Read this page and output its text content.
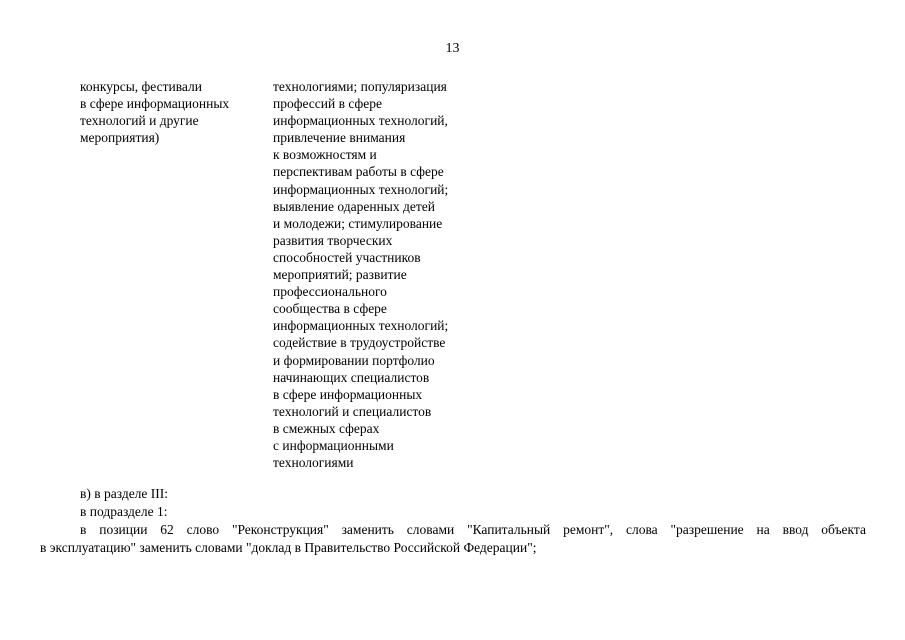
13
конкурсы, фестивали
в сфере информационных
технологий и другие
мероприятия)
технологиями; популяризация
профессий в сфере
информационных технологий,
привлечение внимания
к возможностям и
перспективам работы в сфере
информационных технологий;
выявление одаренных детей
и молодежи; стимулирование
развития творческих
способностей участников
мероприятий; развитие
профессионального
сообщества в сфере
информационных технологий;
содействие в трудоустройстве
и формировании портфолио
начинающих специалистов
в сфере информационных
технологий и специалистов
в смежных сферах
с информационными
технологиями
в) в разделе III:
в подразделе 1:
в позиции 62 слово "Реконструкция" заменить словами "Капитальный ремонт", слова "разрешение на ввод объекта
в эксплуатацию" заменить словами "доклад в Правительство Российской Федерации";
